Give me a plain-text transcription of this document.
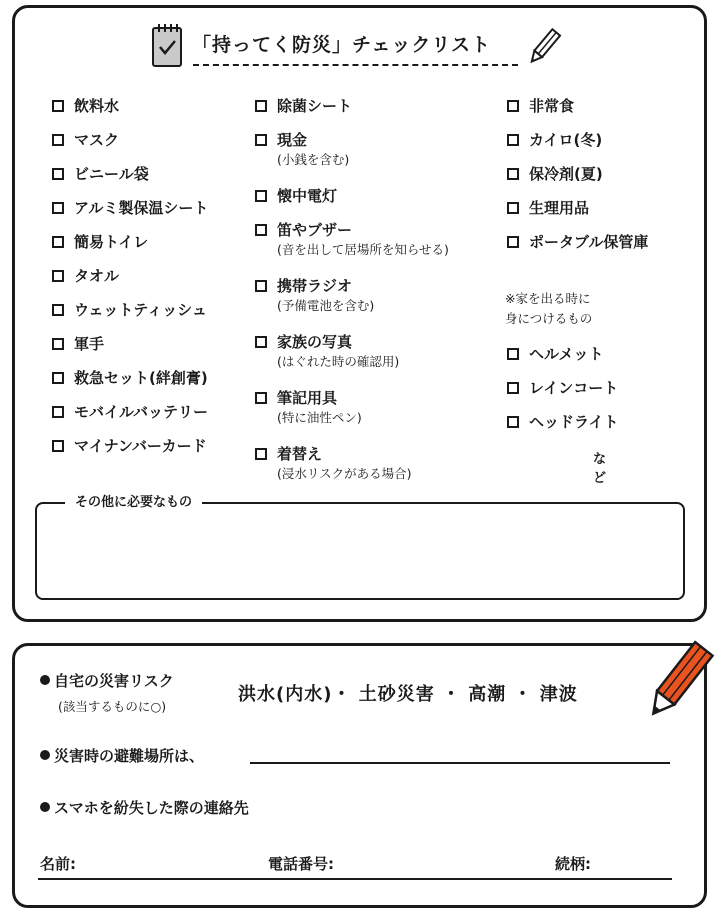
「持ってく防災」チェックリスト
飲料水
マスク
ビニール袋
アルミ製保温シート
簡易トイレ
タオル
ウェットティッシュ
軍手
救急セット(絆創膏)
モバイルバッテリー
マイナンバーカード
除菌シート
現金
(小銭を含む)
懐中電灯
笛やブザー
(音を出して居場所を知らせる)
携帯ラジオ
(予備電池を含む)
家族の写真
(はぐれた時の確認用)
筆記用具
(特に油性ペン)
着替え
(浸水リスクがある場合)
非常食
カイロ(冬)
保冷剤(夏)
生理用品
ポータブル保管庫
※家を出る時に
身につけるもの
ヘルメット
レインコート
ヘッドライト
など
その他に必要なもの
自宅の災害リスク
(該当するものに○)
洪水(内水)・ 土砂災害 ・ 高潮 ・ 津波
災害時の避難場所は、
スマホを紛失した際の連絡先
名前:	電話番号:	続柄:
